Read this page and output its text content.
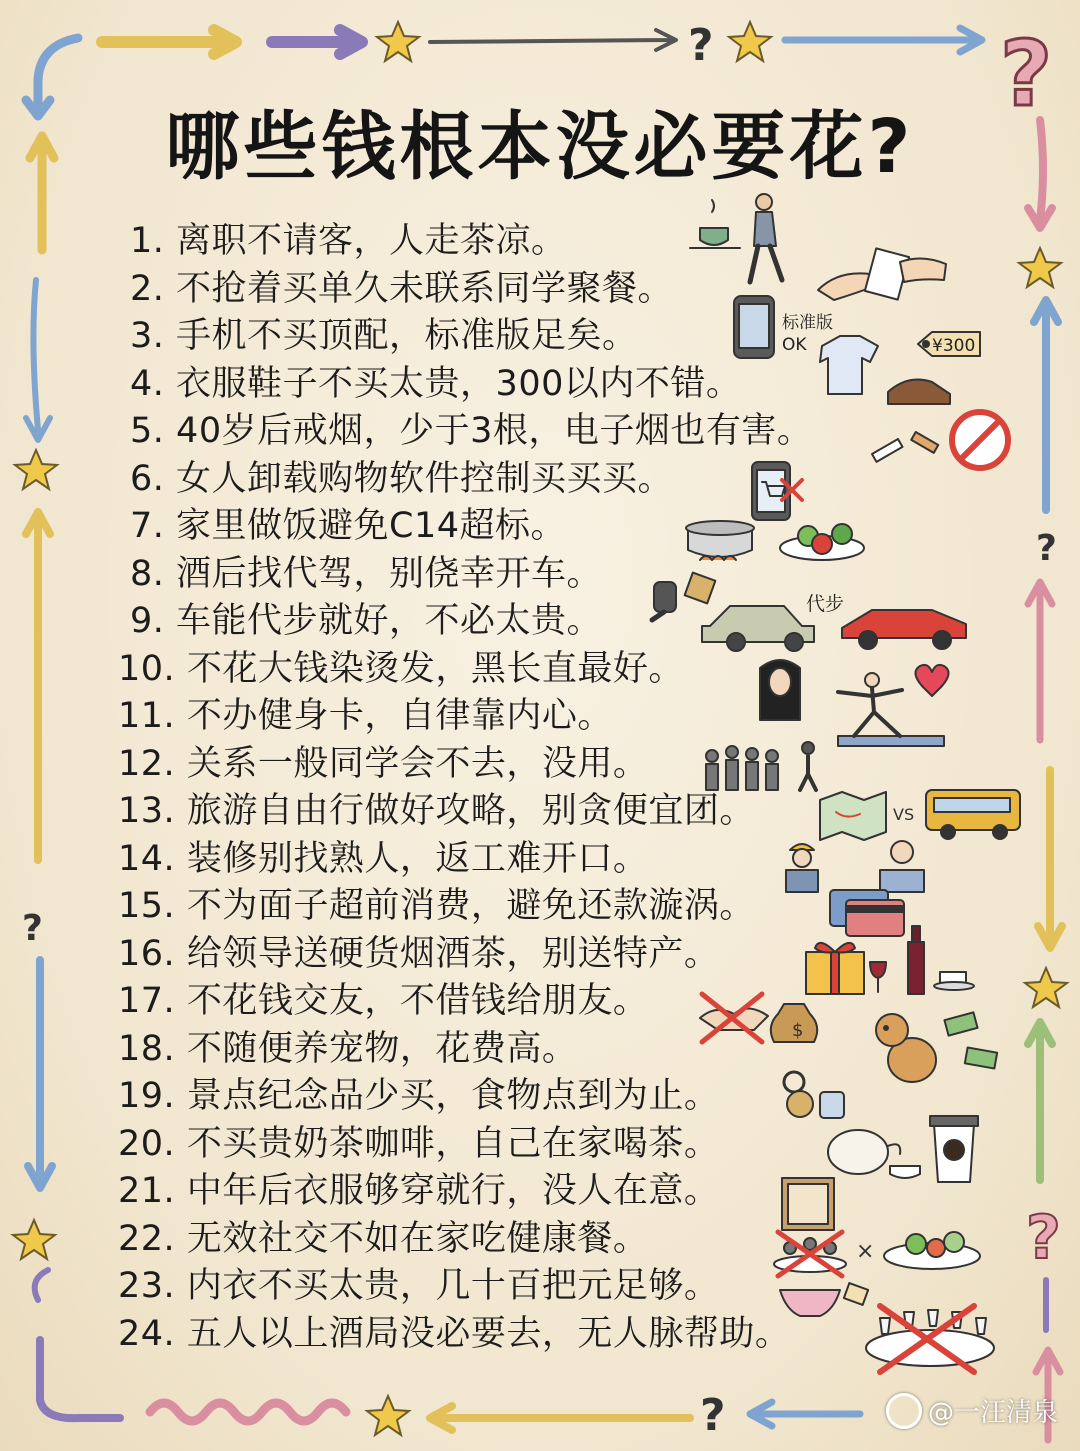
?	?
?
?
?
?
哪些钱根本没必要花?
1. 离职不请客，人走茶凉。
2. 不抢着买单久未联系同学聚餐。
3. 手机不买顶配，标准版足矣。
4. 衣服鞋子不买太贵，300以内不错。
5. 40岁后戒烟，少于3根，电子烟也有害。
6. 女人卸载购物软件控制买买买。
7. 家里做饭避免C14超标。
8. 酒后找代驾，别侥幸开车。
9. 车能代步就好，不必太贵。
10. 不花大钱染烫发，黑长直最好。
11. 不办健身卡，自律靠内心。
12. 关系一般同学会不去，没用。
13. 旅游自由行做好攻略，别贪便宜团。
14. 装修别找熟人，返工难开口。
15. 不为面子超前消费，避免还款漩涡。
16. 给领导送硬货烟酒茶，别送特产。
17. 不花钱交友，不借钱给朋友。
18. 不随便养宠物，花费高。
19. 景点纪念品少买，食物点到为止。
20. 不买贵奶茶咖啡，自己在家喝茶。
21. 中年后衣服够穿就行，没人在意。
22. 无效社交不如在家吃健康餐。
23. 内衣不买太贵，几十百把元足够。
24. 五人以上酒局没必要去，无人脉帮助。
标准版
OK	¥300
代步
VS
×
$
@一汪清泉
